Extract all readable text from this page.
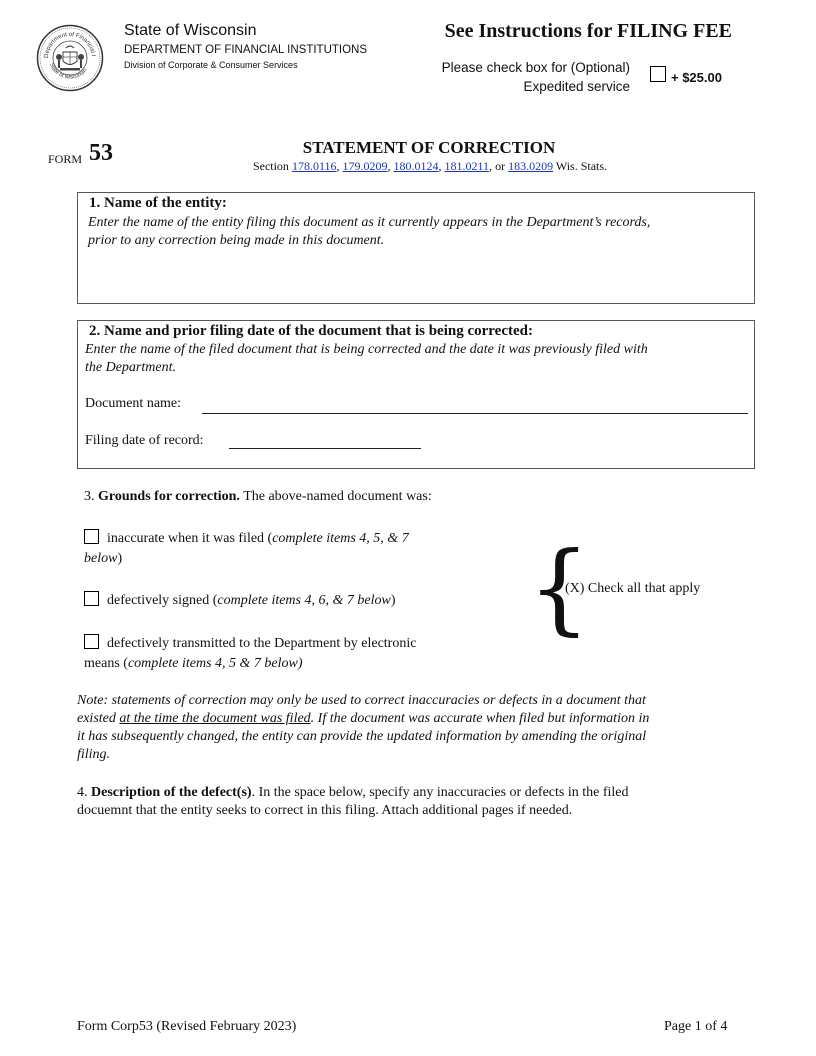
Department of Financial I
State of Wisconsin
State of Wisconsin
DEPARTMENT OF FINANCIAL INSTITUTIONS
Division of Corporate & Consumer Services
See Instructions for FILING FEE
Please check box for (Optional)
Expedited service
+ $25.00
FORM 53	STATEMENT OF CORRECTION
Section 178.0116, 179.0209, 180.0124, 181.0211, or 183.0209 Wis. Stats.
1. Name of the entity:
Enter the name of the entity filing this document as it currently appears in the Department’s records,
prior to any correction being made in this document.
2. Name and prior filing date of the document that is being corrected:
Enter the name of the filed document that is being corrected and the date it was previously filed with
the Department.
Document name:
Filing date of record:
3. Grounds for correction. The above-named document was:
inaccurate when it was filed (complete items 4, 5, & 7
below)
defectively signed (complete items 4, 6, & 7 below)
defectively transmitted to the Department by electronic
means (complete items 4, 5 & 7 below)
{
(X) Check all that apply
Note: statements of correction may only be used to correct inaccuracies or defects in a document that
existed at the time the document was filed. If the document was accurate when filed but information in
it has subsequently changed, the entity can provide the updated information by amending the original
filing.
4. Description of the defect(s). In the space below, specify any inaccuracies or defects in the filed
docuemnt that the entity seeks to correct in this filing. Attach additional pages if needed.
Form Corp53 (Revised February 2023)	Page 1 of 4
